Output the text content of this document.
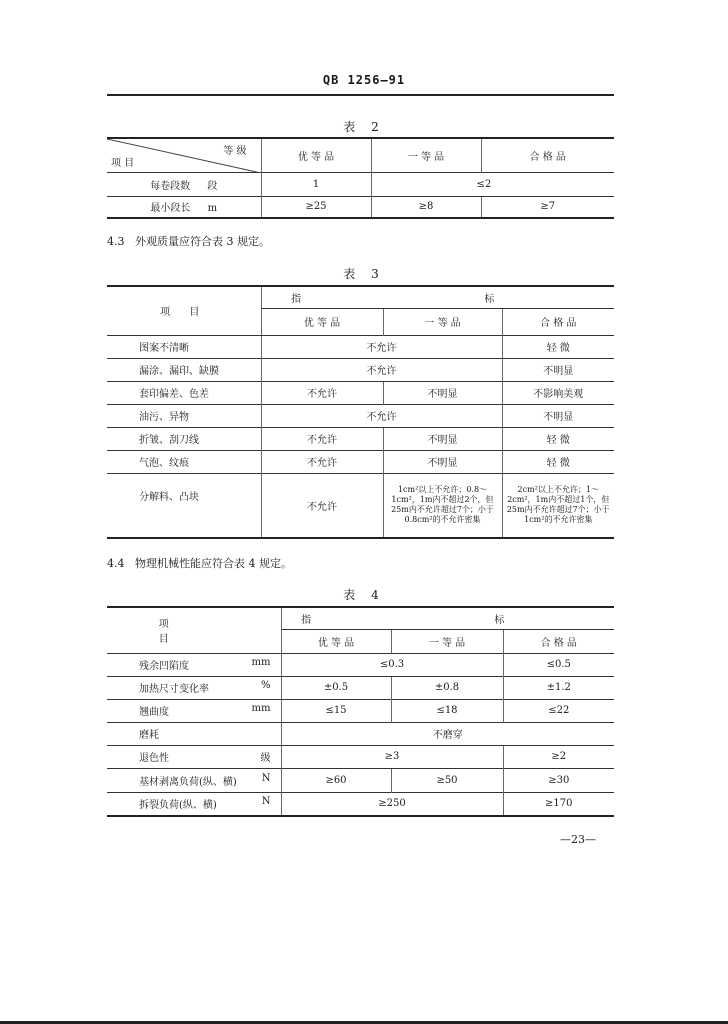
QB 1256—91
表 2
等 级
项 目	优 等 品	一 等 品	合 格 品
每卷段数 段	1	≤2	
最小段长 m	≥25	≥8	≥7
4.3 外观质量应符合表 3 规定。
表 3
项 目	指 标		
	优 等 品	一 等 品	合 格 品
图案不清晰	不允许		轻 微
漏涂、漏印、缺膜	不允许		不明显
套印偏差、色差	不允许	不明显	不影响美观
油污、异物	不允许		不明显
折皱、刮刀线	不允许	不明显	轻 微
气泡、纹痕	不允许	不明显	轻 微
分解料、凸块	不允许	1cm²以上不允许；0.8～1cm²，1m内不超过2个，但25m内不允许超过7个；小于0.8cm²的不允许密集	2cm²以上不允许；1～2cm²，1m内不超过1个，但25m内不允许超过7个；小于1cm²的不允许密集
4.4 物理机械性能应符合表 4 规定。
表 4
项 目	指 标		
	优 等 品	一 等 品	合 格 品
残余凹陷度 mm	≤0.3		≤0.5
加热尺寸变化率 %	±0.5	±0.8	±1.2
翘曲度 mm	≤15	≤18	≤22
磨耗	不磨穿		
退色性 级	≥3		≥2
基材剥离负荷(纵、横) N	≥60	≥50	≥30
拆裂负荷(纵、横) N	≥250		≥170
—23—
